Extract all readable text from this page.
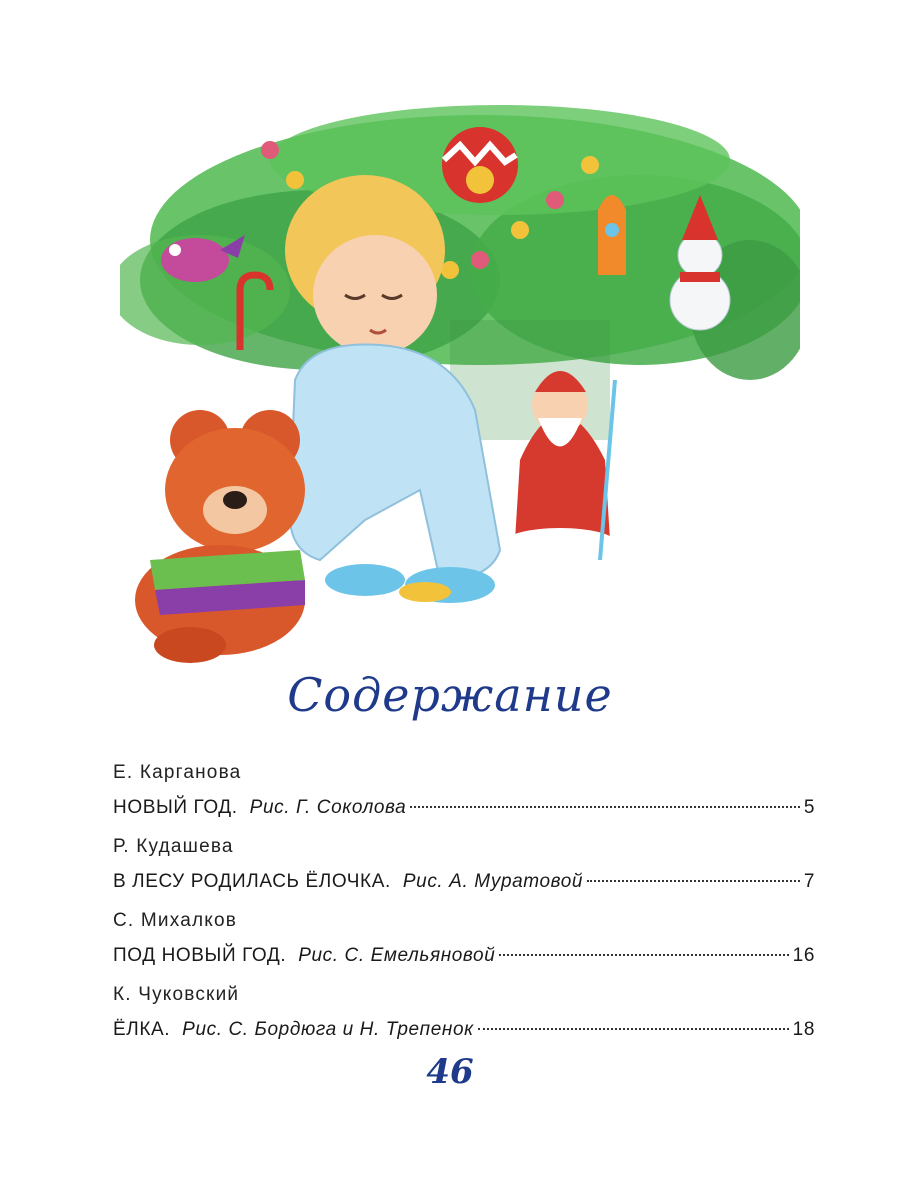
Содержание
Е. Карганова
НОВЫЙ ГОД. Рис. Г. Соколова	5
Р. Кудашева
В ЛЕСУ РОДИЛАСЬ ЁЛОЧКА. Рис. А. Муратовой	7
С. Михалков
ПОД НОВЫЙ ГОД. Рис. С. Емельяновой	16
К. Чуковский
ЁЛКА. Рис. С. Бордюга и Н. Трепенок	18
46
